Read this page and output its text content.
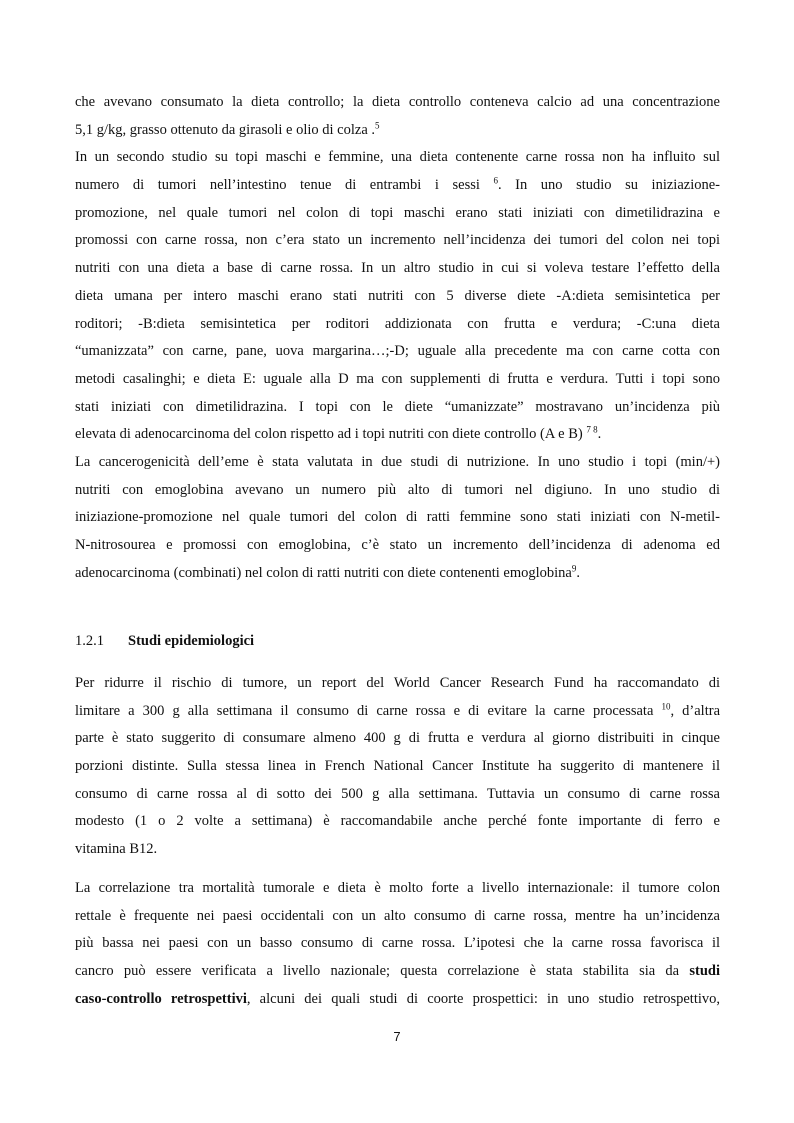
che avevano consumato la dieta controllo; la dieta controllo conteneva calcio ad una concentrazione
5,1 g/kg, grasso ottenuto da girasoli e olio di colza .$^5$
In un secondo studio su topi maschi e femmine, una dieta contenente carne rossa non ha influito sul
numero di tumori nell’intestino tenue di entrambi i sessi $^6$. In uno studio su iniziazione-
promozione, nel quale tumori nel colon di topi maschi erano stati iniziati con dimetilidrazina e
promossi con carne rossa, non c’era stato un incremento nell’incidenza dei tumori del colon nei topi
nutriti con una dieta a base di carne rossa. In un altro studio in cui si voleva testare l’effetto della
dieta umana per intero maschi erano stati nutriti con 5 diverse diete -A:dieta semisintetica per
roditori; -B:dieta semisintetica per roditori addizionata con frutta e verdura; -C:una dieta
“umanizzata” con carne, pane, uova margarina…;-D; uguale alla precedente ma con carne cotta con
metodi casalinghi; e dieta E: uguale alla D ma con supplementi di frutta e verdura. Tutti i topi sono
stati iniziati con dimetilidrazina. I topi con le diete “umanizzate” mostravano un’incidenza più
elevata di adenocarcinoma del colon rispetto ad i topi nutriti con diete controllo (A e B) $^{7 8}$.
La cancerogenicità dell’eme è stata valutata in due studi di nutrizione. In uno studio i topi (min/+)
nutriti con emoglobina avevano un numero più alto di tumori nel digiuno. In uno studio di
iniziazione-promozione nel quale tumori del colon di ratti femmine sono stati iniziati con N-metil-
N-nitrosourea e promossi con emoglobina, c’è stato un incremento dell’incidenza di adenoma ed
adenocarcinoma (combinati) nel colon di ratti nutriti con diete contenenti emoglobina$^9$.
1.2.1 Studi epidemiologici
Per ridurre il rischio di tumore, un report del World Cancer Research Fund ha raccomandato di
limitare a 300 g alla settimana il consumo di carne rossa e di evitare la carne processata $^{10}$, d’altra
parte è stato suggerito di consumare almeno 400 g di frutta e verdura al giorno distribuiti in cinque
porzioni distinte. Sulla stessa linea in French National Cancer Institute ha suggerito di mantenere il
consumo di carne rossa al di sotto dei 500 g alla settimana. Tuttavia un consumo di carne rossa
modesto (1 o 2 volte a settimana) è raccomandabile anche perché fonte importante di ferro e
vitamina B12.
La correlazione tra mortalità tumorale e dieta è molto forte a livello internazionale: il tumore colon
rettale è frequente nei paesi occidentali con un alto consumo di carne rossa, mentre ha un’incidenza
più bassa nei paesi con un basso consumo di carne rossa. L’ipotesi che la carne rossa favorisca il
cancro può essere verificata a livello nazionale; questa correlazione è stata stabilita sia da studi
caso-controllo retrospettivi, alcuni dei quali studi di coorte prospettici: in uno studio retrospettivo,
7
